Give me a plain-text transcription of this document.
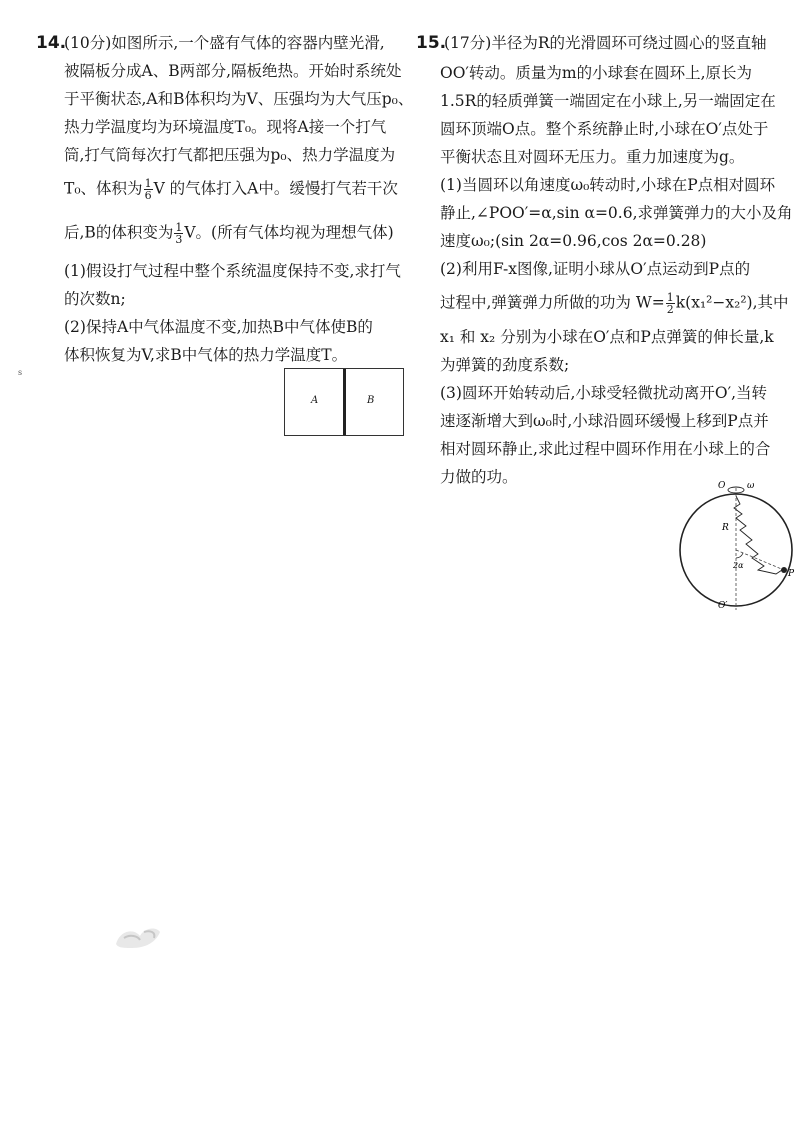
14.
(10分)如图所示,一个盛有气体的容器内壁光滑,
被隔板分成A、B两部分,隔板绝热。开始时系统处
于平衡状态,A和B体积均为V、压强均为大气压p₀、
热力学温度均为环境温度T₀。现将A接一个打气
筒,打气筒每次打气都把压强为p₀、热力学温度为
T₀、体积为 $\frac{1}{6}$ V 的气体打入A中。缓慢打气若干次
后,B的体积变为 $\frac{1}{3}$ V。(所有气体均视为理想气体)
(1)假设打气过程中整个系统温度保持不变,求打气
的次数n;
(2)保持A中气体温度不变,加热B中气体使B的
体积恢复为V,求B中气体的热力学温度T。
A	B
s
15.
(17分)半径为R的光滑圆环可绕过圆心的竖直轴
OO′转动。质量为m的小球套在圆环上,原长为
1.5R的轻质弹簧一端固定在小球上,另一端固定在
圆环顶端O点。整个系统静止时,小球在O′点处于
平衡状态且对圆环无压力。重力加速度为g。
(1)当圆环以角速度ω₀转动时,小球在P点相对圆环
静止,∠POO′=α,sin α=0.6,求弹簧弹力的大小及角
速度ω₀;(sin 2α=0.96,cos 2α=0.28)
(2)利用F-x图像,证明小球从O′点运动到P点的
过程中,弹簧弹力所做的功为 $W= \frac{1}{2} k(x_1^2-x_2^2)$,其中
x₁ 和 x₂ 分别为小球在O′点和P点弹簧的伸长量,k
为弹簧的劲度系数;
(3)圆环开始转动后,小球受轻微扰动离开O′,当转
速逐渐增大到ω₀时,小球沿圆环缓慢上移到P点并
相对圆环静止,求此过程中圆环作用在小球上的合
力做的功。	O ω
R
2α
P
O′
